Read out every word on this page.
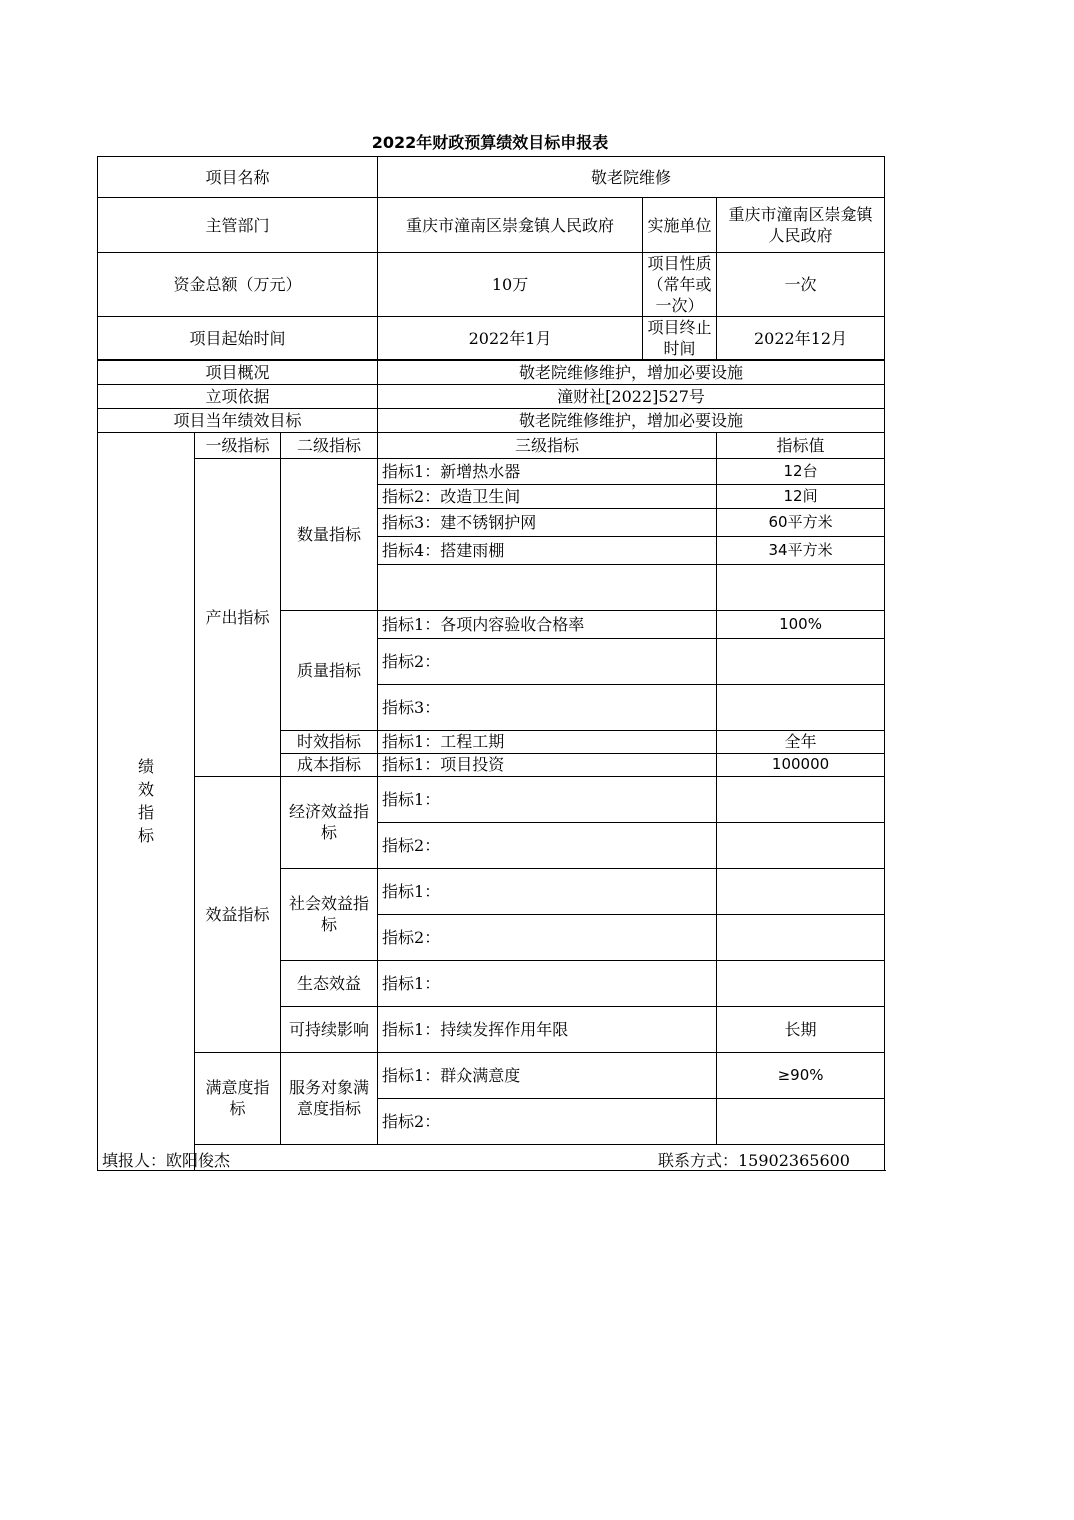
2022年财政预算绩效目标申报表
项目名称			敬老院维修		
主管部门			重庆市潼南区崇龛镇人民政府	实施单位	重庆市潼南区崇龛镇人民政府
资金总额（万元）			10万	项目性质（常年或一次）	一次
项目起始时间			2022年1月	项目终止时间	2022年12月
项目概况			敬老院维修维护，增加必要设施		
立项依据			潼财社[2022]527号		
项目当年绩效目标			敬老院维修维护，增加必要设施		

绩效指标	一级指标	二级指标	三级指标		指标值
	产出指标	数量指标	指标1：新增热水器		12台
			指标2：改造卫生间		12间
			指标3：建不锈钢护网		60平方米
			指标4：搭建雨棚		34平方米

		质量指标	指标1：各项内容验收合格率		100%
			指标2：		

			指标3：		

		时效指标	指标1：工程工期		全年
		成本指标	指标1：项目投资		100000
	效益指标	经济效益指标	指标1：		
			指标2：		
		社会效益指标	指标1：		
			指标2：		
		生态效益	指标1：		
		可持续影响	指标1：持续发挥作用年限		长期
	满意度指标	服务对象满意度指标	指标1：群众满意度		≥90%
			指标2：		

填报人：欧阳俊杰	联系方式：15902365600
